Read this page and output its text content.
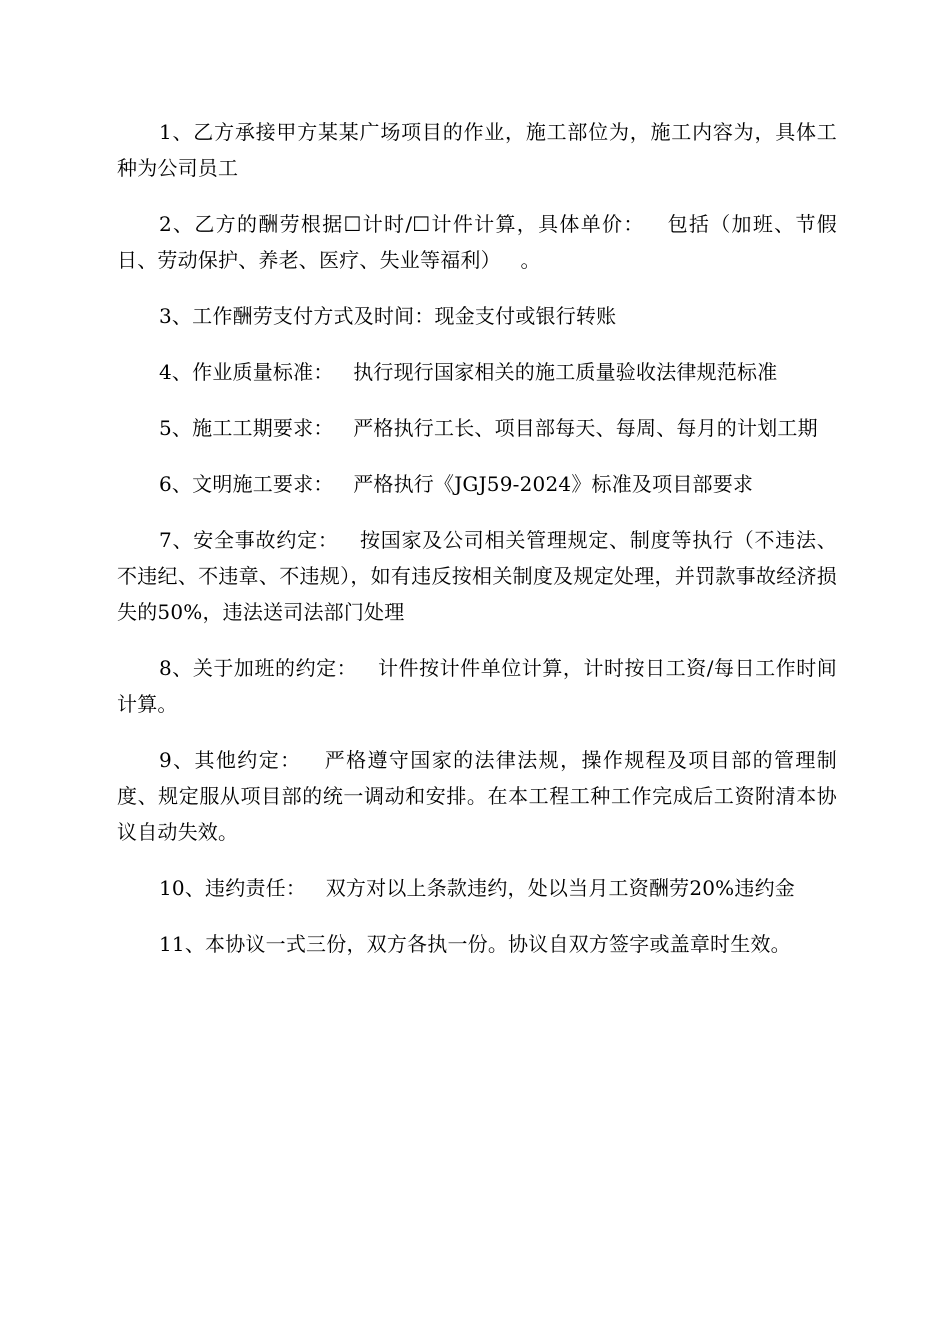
1、乙方承接甲方某某广场项目的作业，施工部位为，施工内容为，具体工种为公司员工

2、乙方的酬劳根据☐计时/☐计件计算，具体单价：   包括（加班、节假日、劳动保护、养老、医疗、失业等福利）   。

3、工作酬劳支付方式及时间：现金支付或银行转账

4、作业质量标准：   执行现行国家相关的施工质量验收法律规范标准

5、施工工期要求：   严格执行工长、项目部每天、每周、每月的计划工期

6、文明施工要求：   严格执行《JGJ59-2024》标准及项目部要求

7、安全事故约定：   按国家及公司相关管理规定、制度等执行（不违法、不违纪、不违章、不违规），如有违反按相关制度及规定处理，并罚款事故经济损失的50%，违法送司法部门处理

8、关于加班的约定：   计件按计件单位计算，计时按日工资/每日工作时间计算。

9、其他约定：   严格遵守国家的法律法规，操作规程及项目部的管理制度、规定服从项目部的统一调动和安排。在本工程工种工作完成后工资附清本协议自动失效。

10、违约责任：   双方对以上条款违约，处以当月工资酬劳20%违约金

11、本协议一式三份，双方各执一份。协议自双方签字或盖章时生效。
